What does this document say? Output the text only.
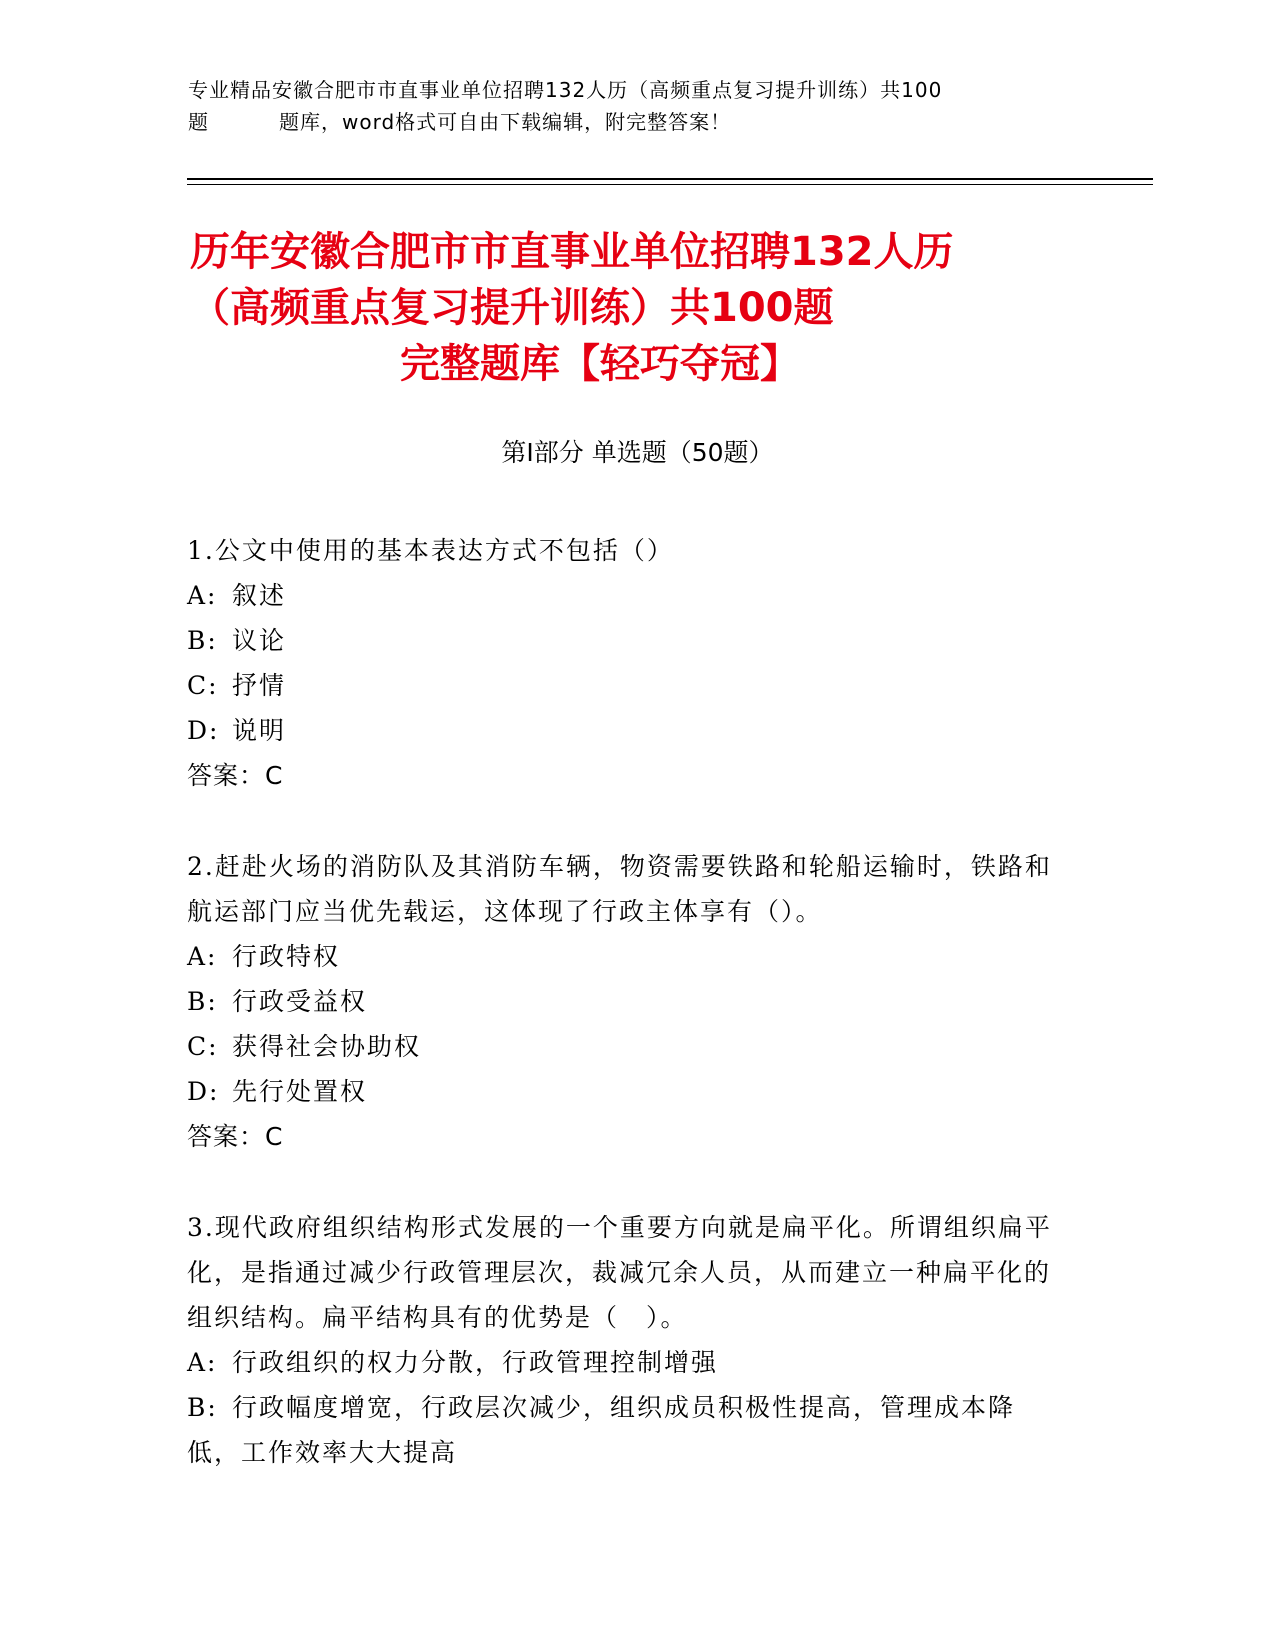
专业精品安徽合肥市市直事业单位招聘132人历（高频重点复习提升训练）共100

题	题库，word格式可自由下载编辑，附完整答案！
历年安徽合肥市市直事业单位招聘132人历
（高频重点复习提升训练）共100题
完整题库【轻巧夺冠】
第Ⅰ部分 单选题（50题）

1.公文中使用的基本表达方式不包括（）

A: 叙述

B: 议论

C: 抒情

D: 说明

答案：C

2.赶赴火场的消防队及其消防车辆，物资需要铁路和轮船运输时，铁路和航运部门应当优先载运，这体现了行政主体享有（）。

A: 行政特权

B: 行政受益权

C: 获得社会协助权

D: 先行处置权

答案：C

3.现代政府组织结构形式发展的一个重要方向就是扁平化。所谓组织扁平化，是指通过减少行政管理层次，裁减冗余人员，从而建立一种扁平化的组织结构。扁平结构具有的优势是（　）。

A: 行政组织的权力分散，行政管理控制增强

B: 行政幅度增宽，行政层次减少，组织成员积极性提高，管理成本降低，工作效率大大提高
